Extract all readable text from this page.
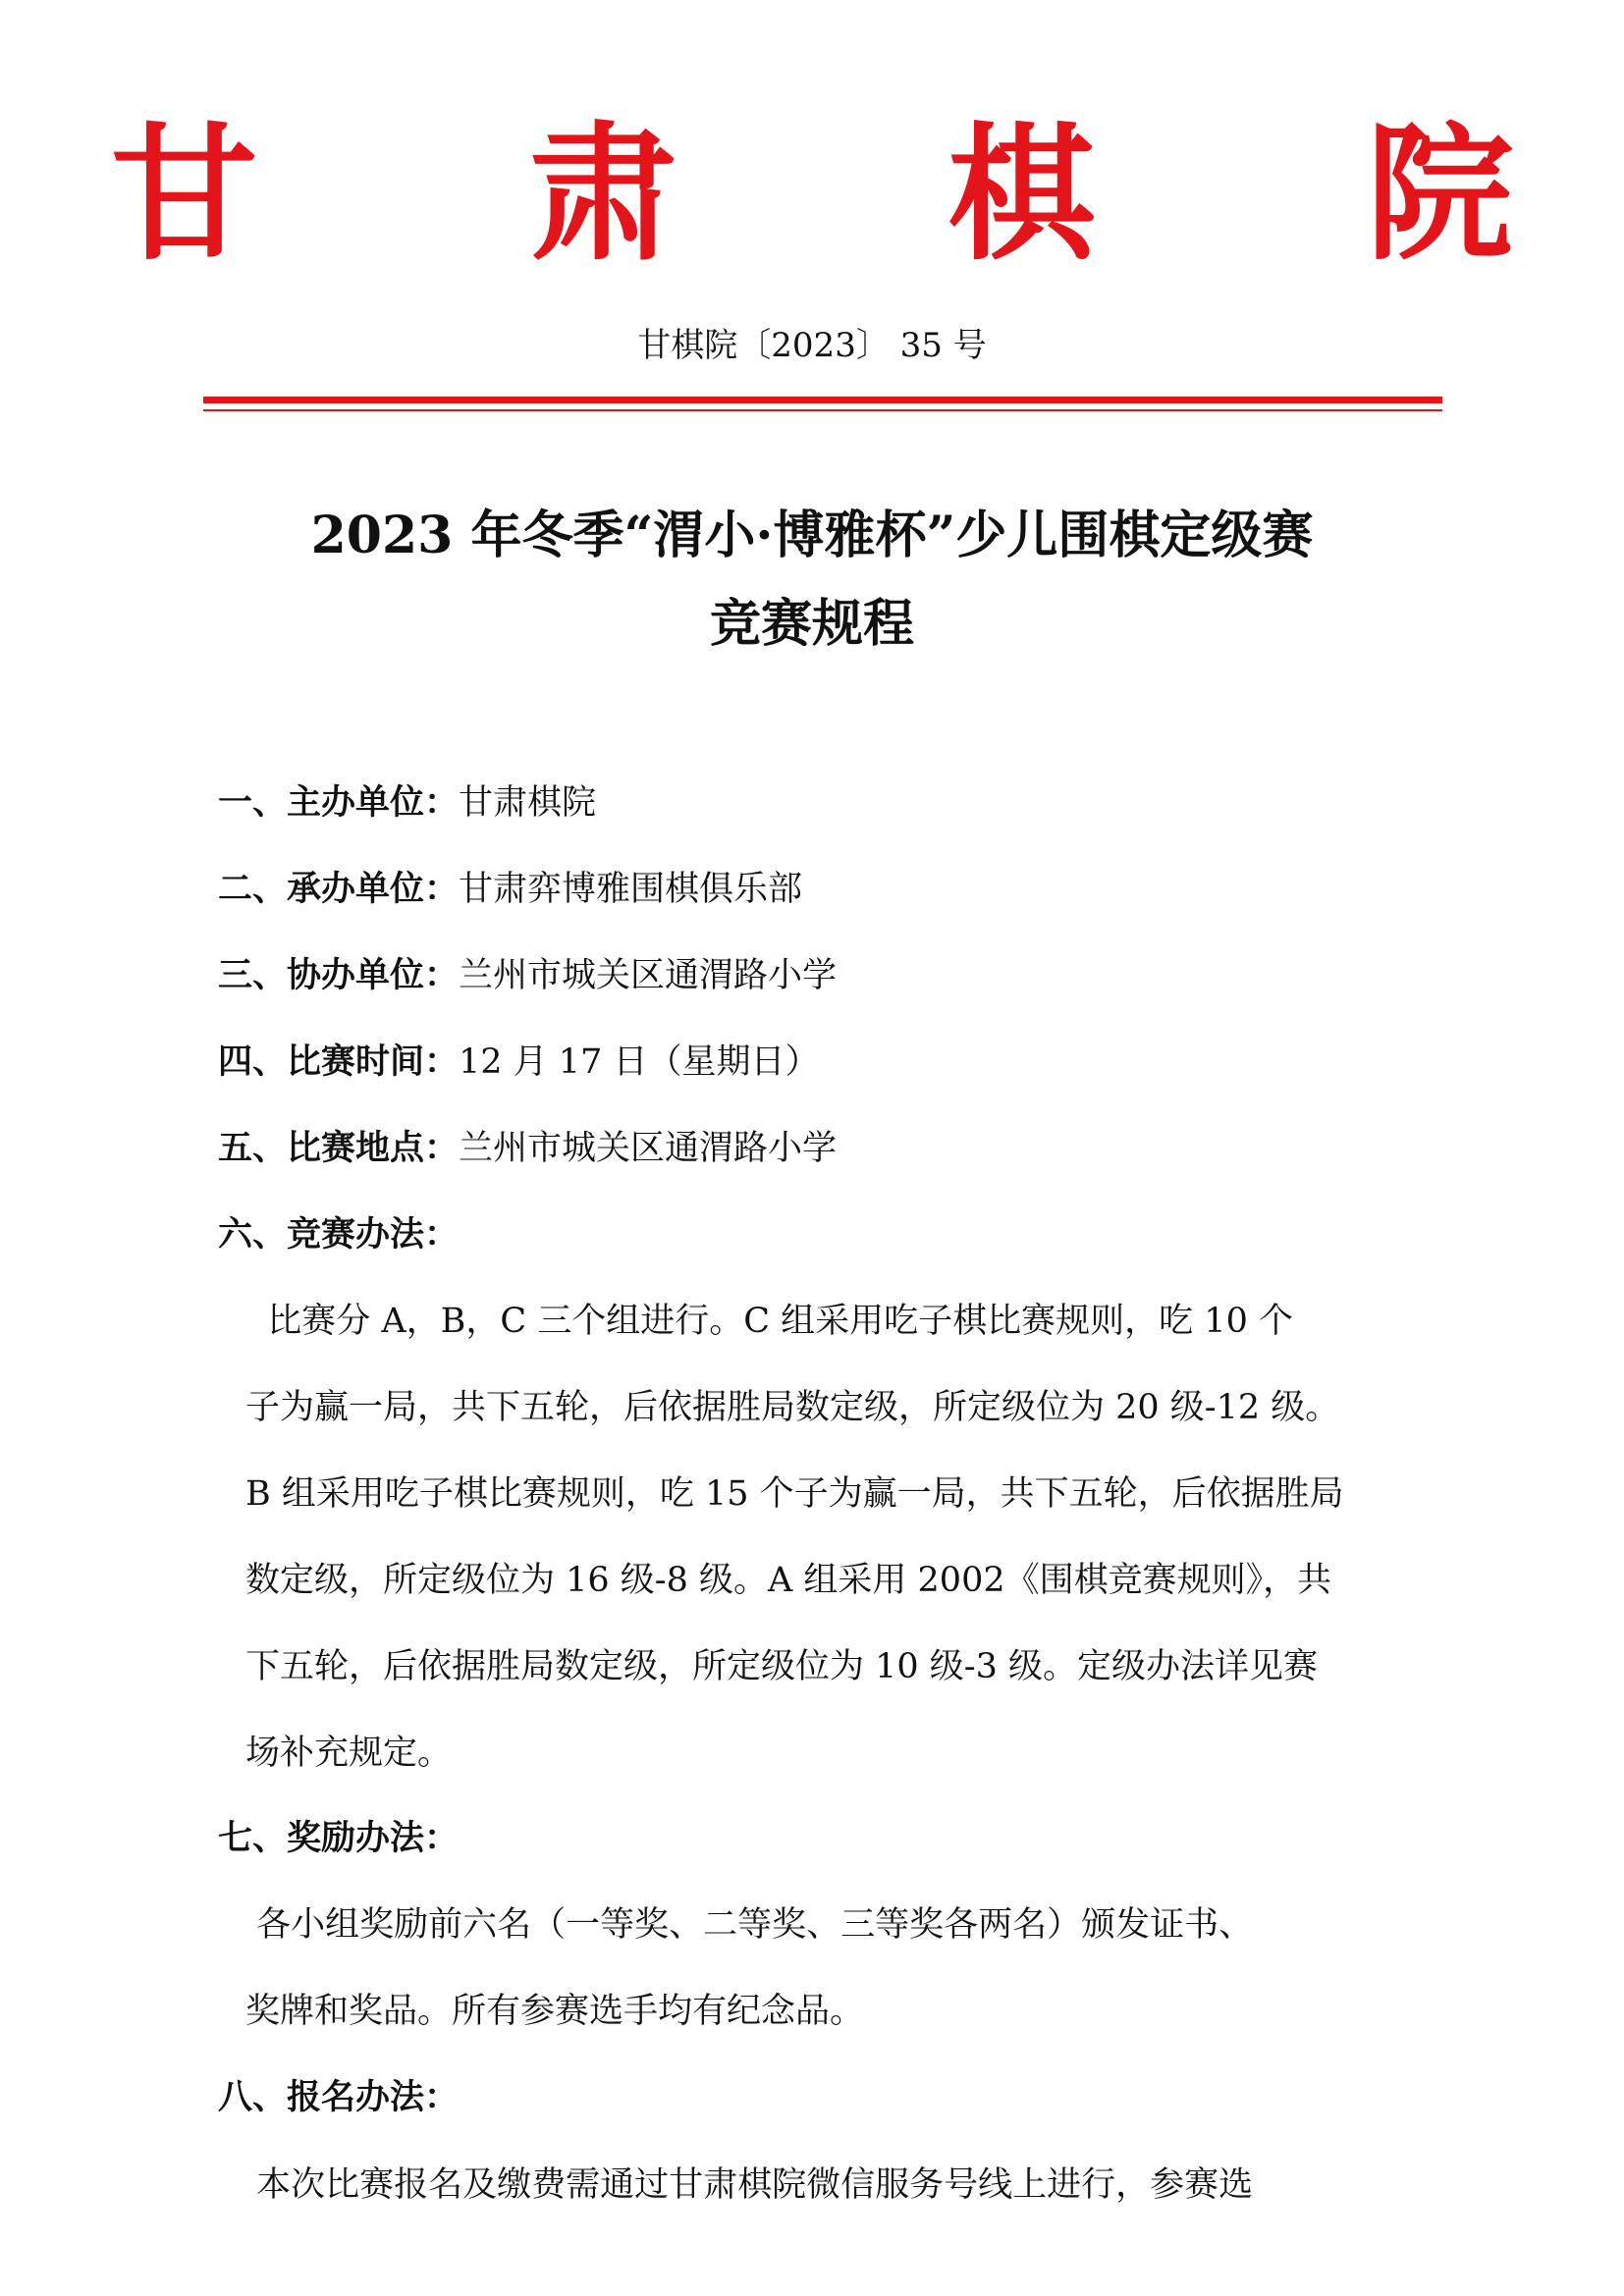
甘 肃 棋 院
甘棋院〔2023〕 35 号
2023 年冬季“渭小·博雅杯”少儿围棋定级赛
竞赛规程
一、主办单位：甘肃棋院
二、承办单位：甘肃弈博雅围棋俱乐部
三、协办单位：兰州市城关区通渭路小学
四、比赛时间：12 月 17 日（星期日）
五、比赛地点：兰州市城关区通渭路小学
六、竞赛办法：
比赛分 A，B，C 三个组进行。C 组采用吃子棋比赛规则，吃 10 个
子为赢一局，共下五轮，后依据胜局数定级，所定级位为 20 级-12 级。
B 组采用吃子棋比赛规则，吃 15 个子为赢一局，共下五轮，后依据胜局
数定级，所定级位为 16 级-8 级。A 组采用 2002《围棋竞赛规则》，共
下五轮，后依据胜局数定级，所定级位为 10 级-3 级。定级办法详见赛
场补充规定。
七、奖励办法：
各小组奖励前六名（一等奖、二等奖、三等奖各两名）颁发证书、
奖牌和奖品。所有参赛选手均有纪念品。
八、报名办法：
本次比赛报名及缴费需通过甘肃棋院微信服务号线上进行，参赛选
